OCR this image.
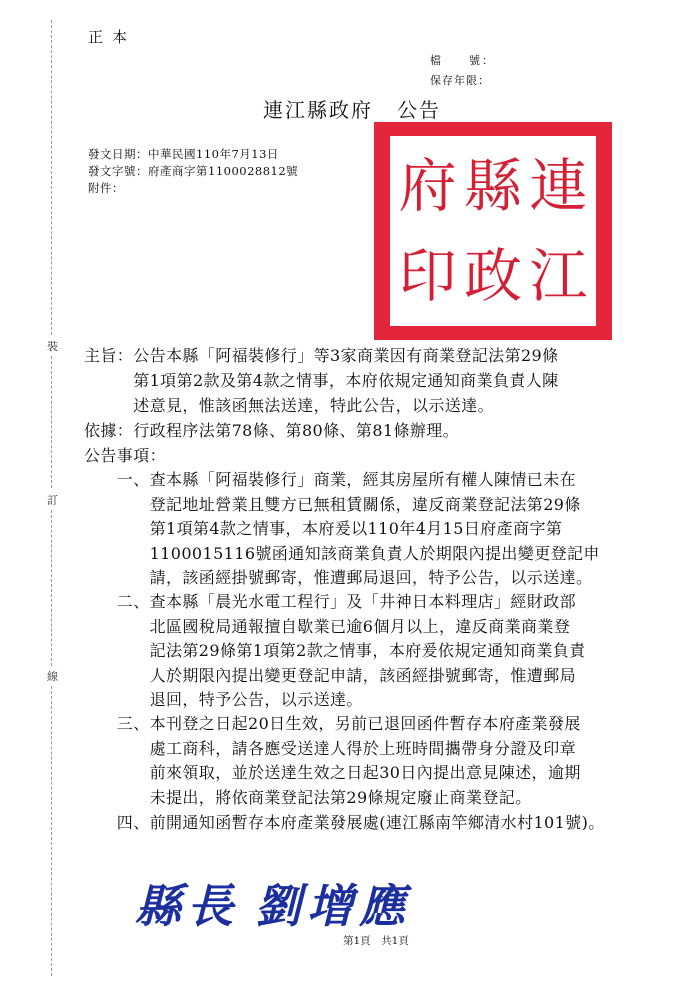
正本
檔　　號：
保存年限：
連江縣政府 公告
發文日期：中華民國110年7月13日
發文字號：府產商字第1100028812號
附件：	府 縣 連
印 政 江
裝
訂
線
主旨：公告本縣「阿福裝修行」等3家商業因有商業登記法第29條
　　　第1項第2款及第4款之情事，本府依規定通知商業負責人陳
　　　述意見，惟該函無法送達，特此公告，以示送達。
依據：行政程序法第78條、第80條、第81條辦理。
公告事項：
　　一、查本縣「阿福裝修行」商業，經其房屋所有權人陳情已未在
　　　　登記地址營業且雙方已無租賃關係，違反商業登記法第29條
　　　　第1項第4款之情事，本府爰以110年4月15日府產商字第
　　　　1100015116號函通知該商業負責人於期限內提出變更登記申
　　　　請，該函經掛號郵寄，惟遭郵局退回，特予公告，以示送達。
　　二、查本縣「晨光水電工程行」及「井神日本料理店」經財政部
　　　　北區國稅局通報擅自歇業已逾6個月以上，違反商業商業登
　　　　記法第29條第1項第2款之情事，本府爰依規定通知商業負責
　　　　人於期限內提出變更登記申請，該函經掛號郵寄，惟遭郵局
　　　　退回，特予公告，以示送達。
　　三、本刊登之日起20日生效，另前已退回函件暫存本府產業發展
　　　　處工商科，請各應受送達人得於上班時間攜帶身分證及印章
　　　　前來領取，並於送達生效之日起30日內提出意見陳述，逾期
　　　　未提出，將依商業登記法第29條規定廢止商業登記。
　　四、前開通知函暫存本府產業發展處(連江縣南竿鄉清水村101號)。
縣長 劉增應
第1頁　共1頁
